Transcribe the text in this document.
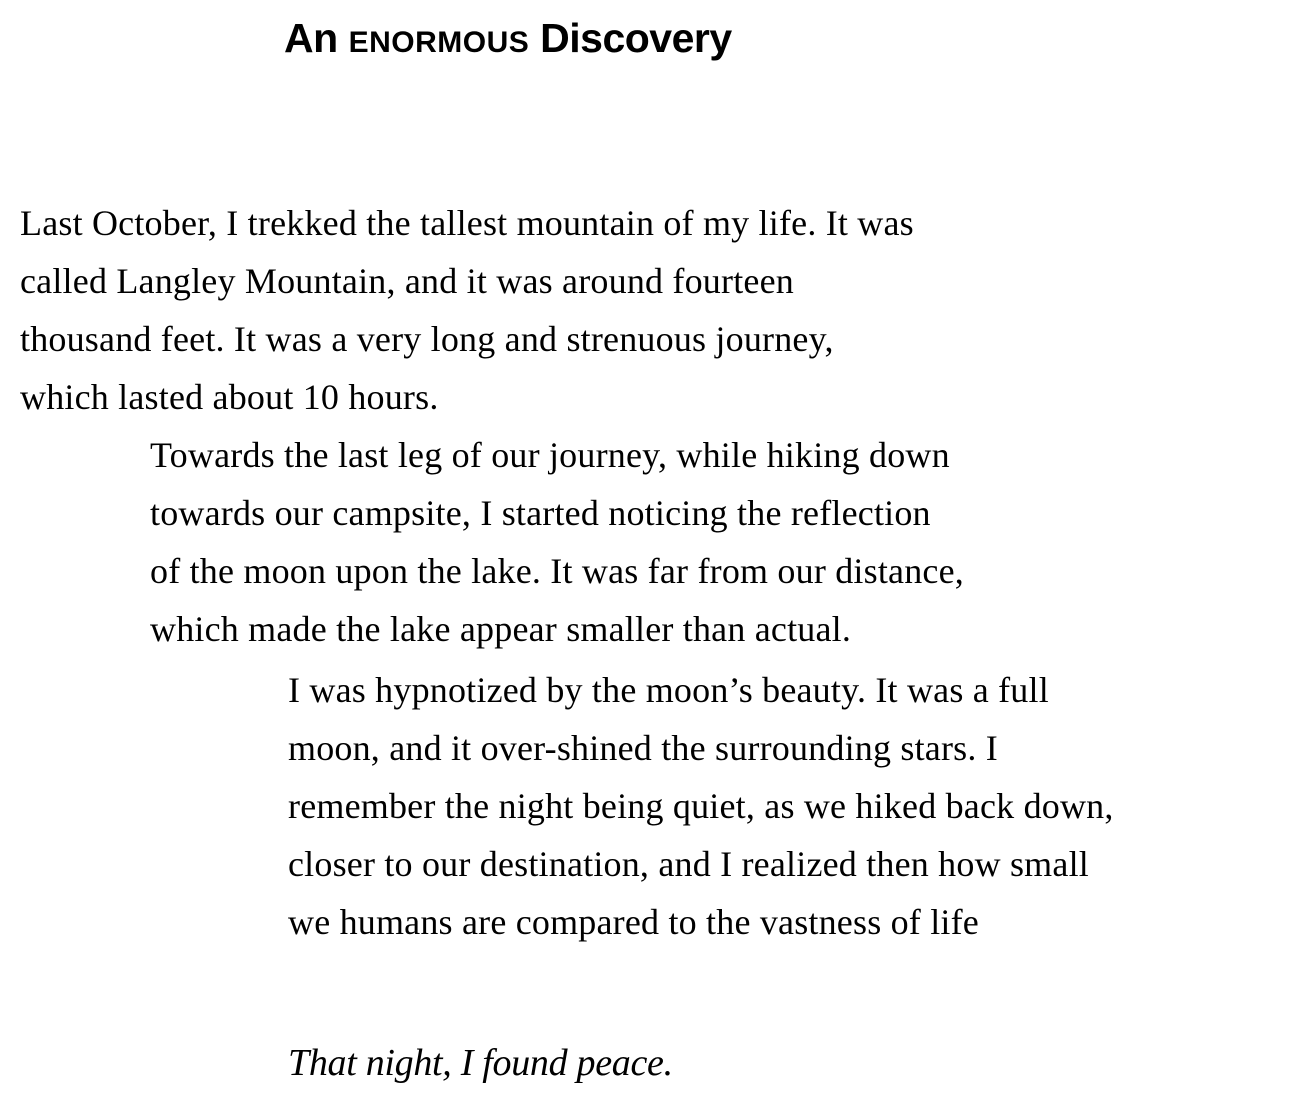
An ENORMOUS Discovery

Last October, I trekked the tallest mountain of my life. It was
called Langley Mountain, and it was around fourteen
thousand feet. It was a very long and strenuous journey,
which lasted about 10 hours.

Towards the last leg of our journey, while hiking down
towards our campsite, I started noticing the reflection
of the moon upon the lake. It was far from our distance,
which made the lake appear smaller than actual.

I was hypnotized by the moon’s beauty. It was a full
moon, and it over-shined the surrounding stars. I
remember the night being quiet, as we hiked back down,
closer to our destination, and I realized then how small
we humans are compared to the vastness of life

That night, I found peace.
